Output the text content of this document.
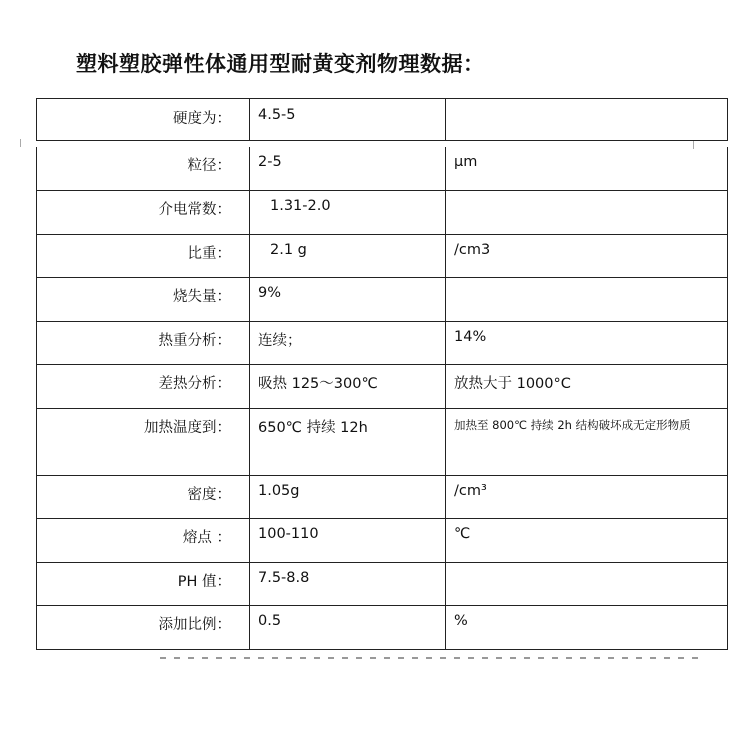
塑料塑胶弹性体通用型耐黄变剂物理数据：
硬度为：	4.5-5	
粒径：	2-5	μm
介电常数：	1.31-2.0	
比重：	2.1 g	/cm3
烧失量：	9%	
热重分析：	连续；	14%
差热分析：	吸热 125～300℃	放热大于 1000°C
加热温度到：	650℃ 持续 12h	加热至 800℃ 持续 2h 结构破坏成无定形物质
密度：	1.05g	/cm³
熔点 ：	100-110	℃
PH 值：	7.5-8.8	
添加比例：	0.5	%
